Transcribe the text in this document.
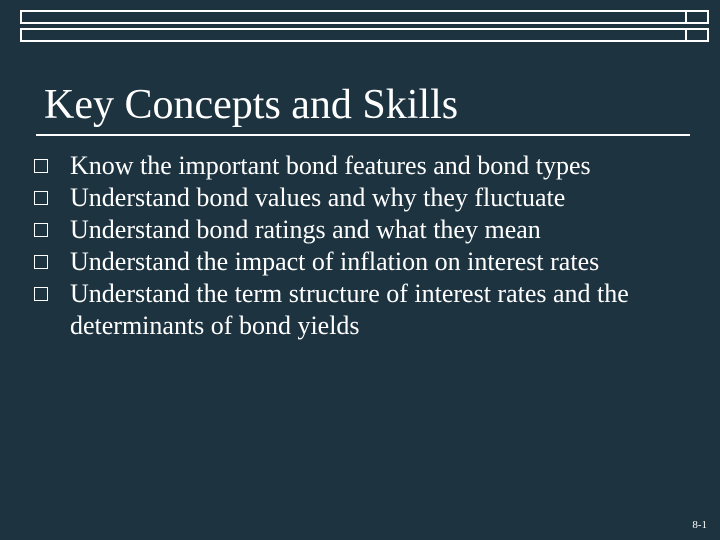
Key Concepts and Skills
Know the important bond features and bond types
Understand bond values and why they fluctuate
Understand bond ratings and what they mean
Understand the impact of inflation on interest rates
Understand the term structure of interest rates and the determinants of bond yields
8-1
